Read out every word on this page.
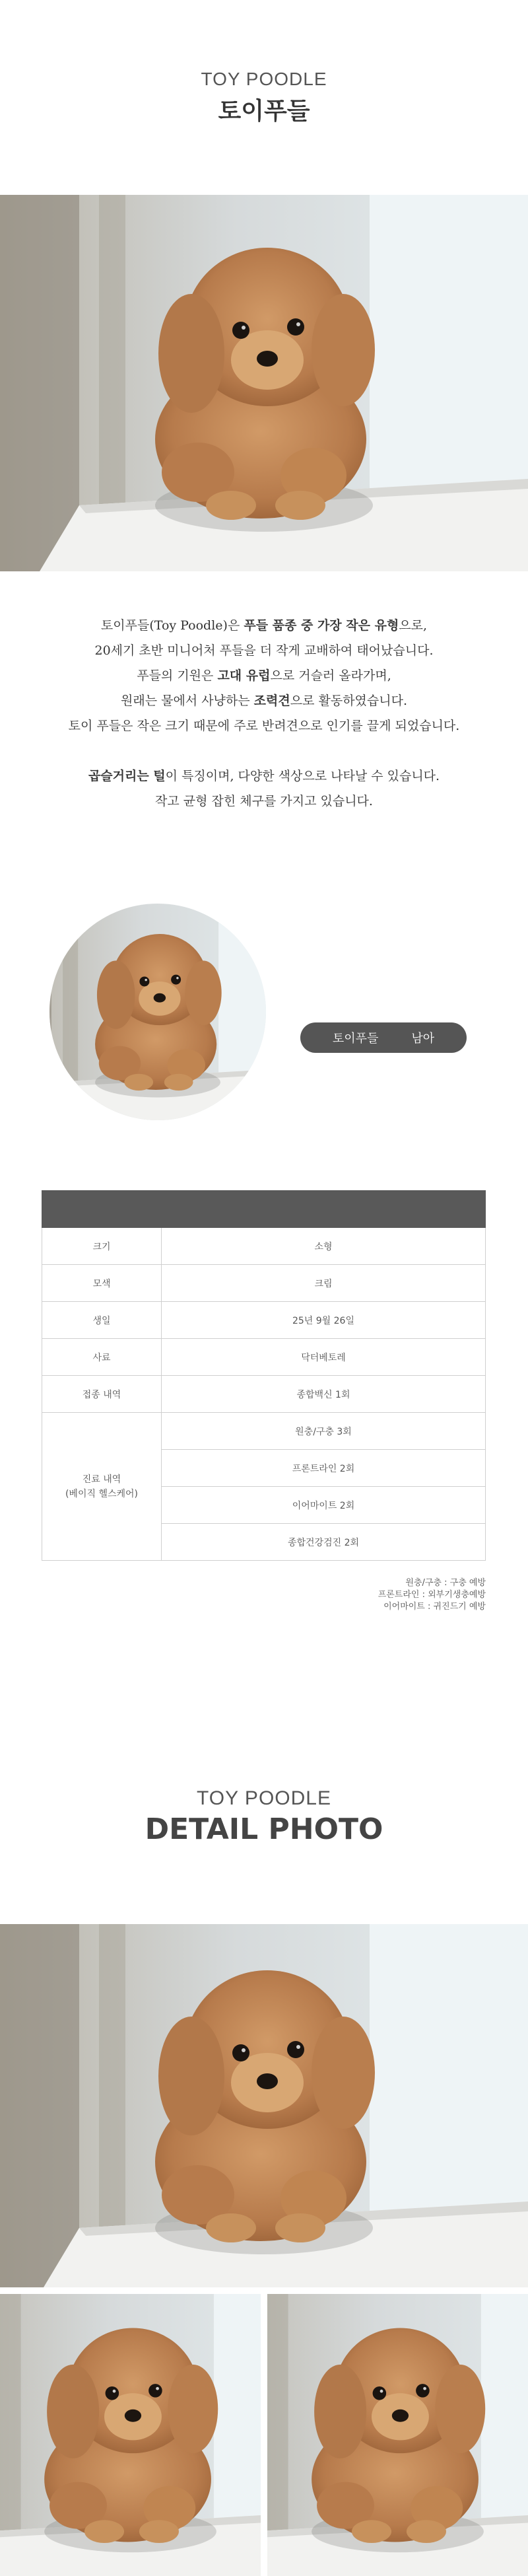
TOY POODLE
토이푸들
토이푸들(Toy Poodle)은 푸들 품종 중 가장 작은 유형으로,
20세기 초반 미니어처 푸들을 더 작게 교배하여 태어났습니다.
푸들의 기원은 고대 유럽으로 거슬러 올라가며,
원래는 물에서 사냥하는 조력견으로 활동하였습니다.
토이 푸들은 작은 크기 때문에 주로 반려견으로 인기를 끌게 되었습니다.
곱슬거리는 털이 특징이며, 다양한 색상으로 나타날 수 있습니다.
작고 균형 잡힌 체구를 가지고 있습니다.
토이푸들	남아

크기	소형
모색	크림
생일	25년 9월 26일
사료	닥터베토레
접종 내역	종합백신 1회

진료 내역
(베이직 헬스케어)	원충/구충 3회
	프론트라인 2회
	이어마이트 2회
	종합건강검진 2회
원충/구충 : 구충 예방
프론트라인 : 외부기생충예방
이어마이트 : 귀진드기 예방
TOY POODLE
DETAIL PHOTO
